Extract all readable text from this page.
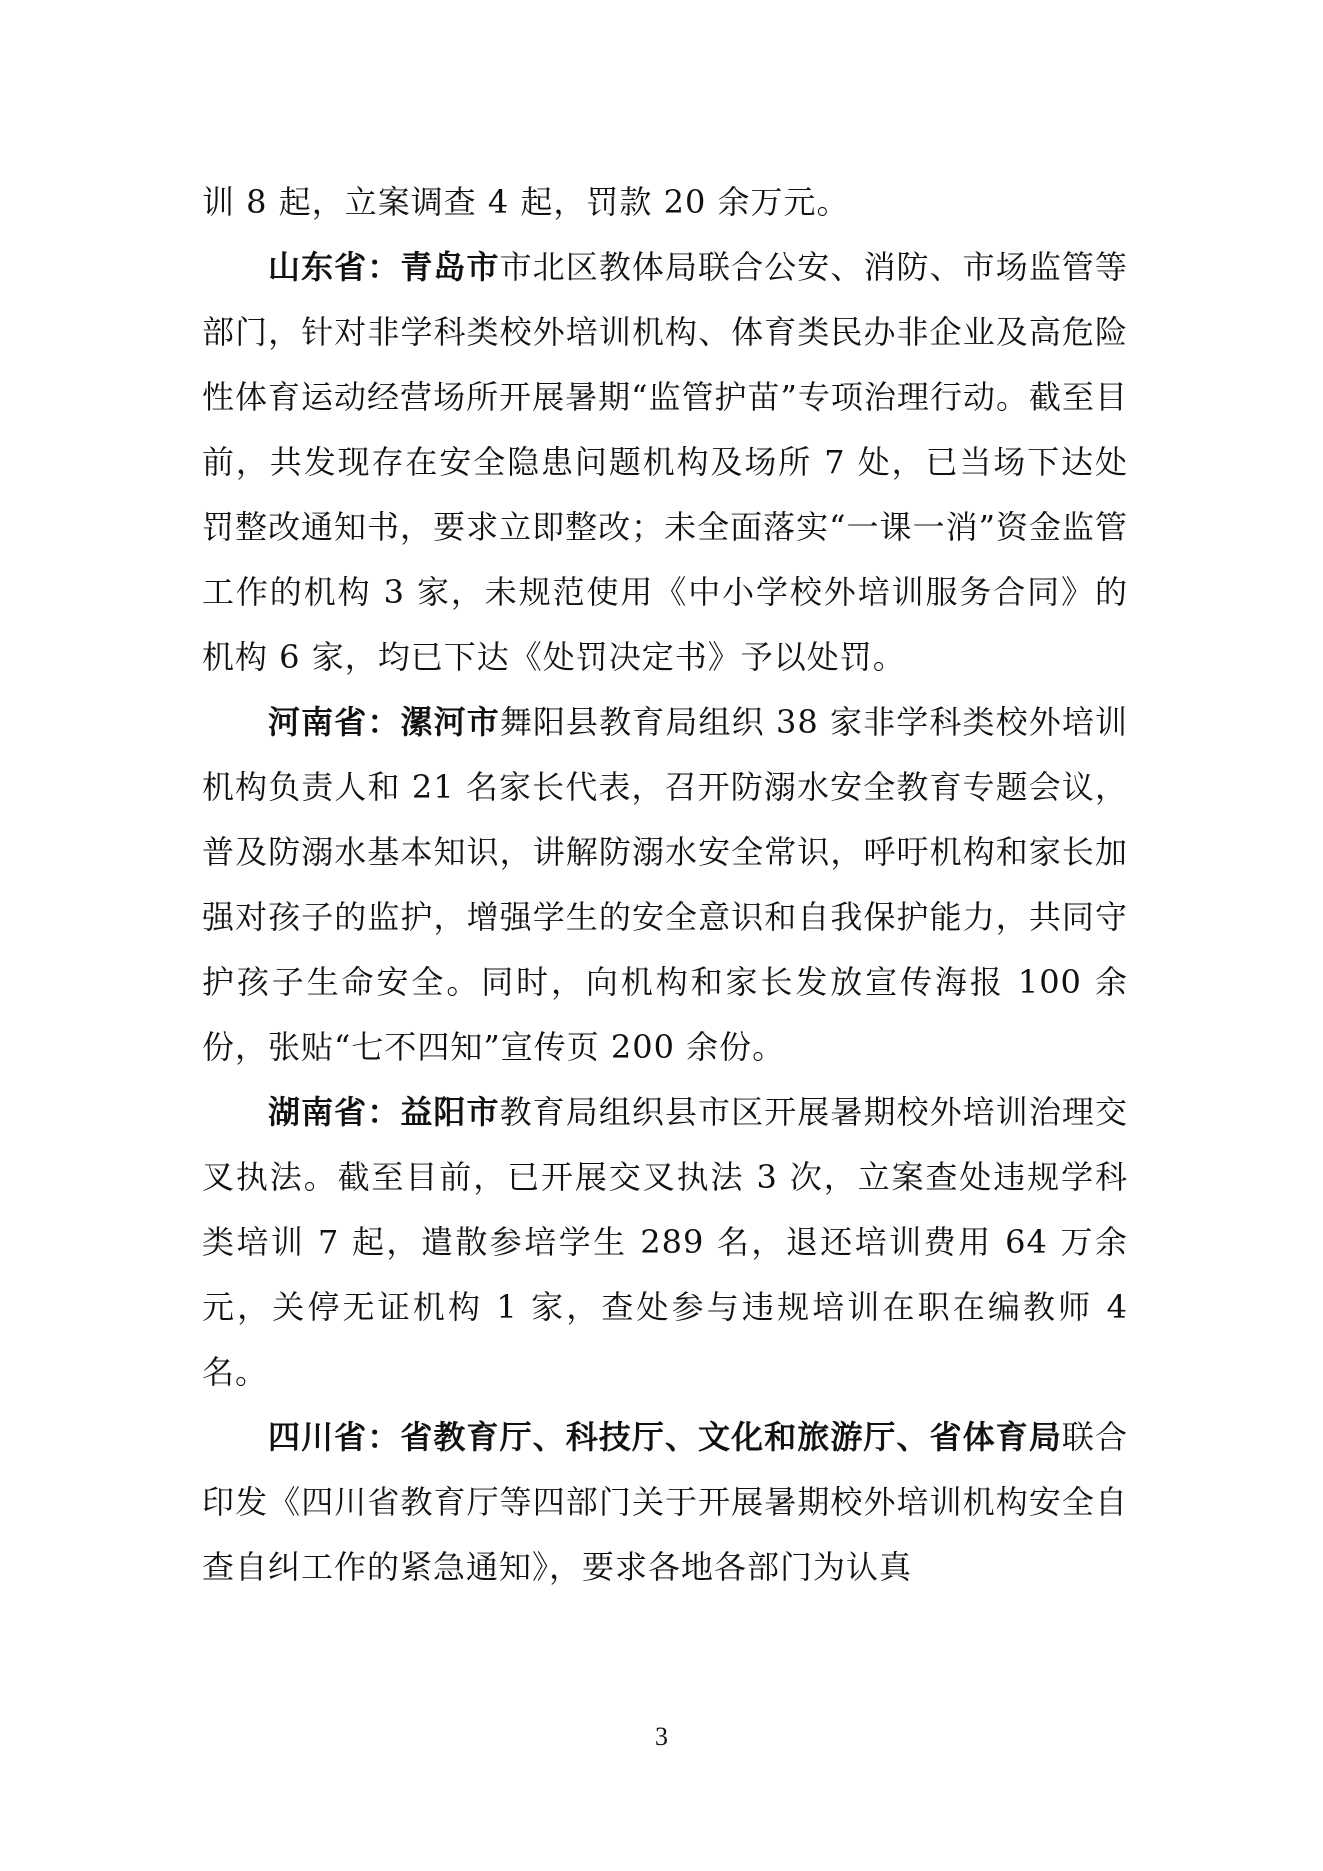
训 8 起，立案调查 4 起，罚款 20 余万元。

山东省：青岛市市北区教体局联合公安、消防、市场监管等部门，针对非学科类校外培训机构、体育类民办非企业及高危险性体育运动经营场所开展暑期“监管护苗”专项治理行动。截至目前，共发现存在安全隐患问题机构及场所 7 处，已当场下达处罚整改通知书，要求立即整改；未全面落实“一课一消”资金监管工作的机构 3 家，未规范使用《中小学校外培训服务合同》的机构 6 家，均已下达《处罚决定书》予以处罚。

河南省：漯河市舞阳县教育局组织 38 家非学科类校外培训机构负责人和 21 名家长代表，召开防溺水安全教育专题会议，普及防溺水基本知识，讲解防溺水安全常识，呼吁机构和家长加强对孩子的监护，增强学生的安全意识和自我保护能力，共同守护孩子生命安全。同时，向机构和家长发放宣传海报 100 余份，张贴“七不四知”宣传页 200 余份。

湖南省：益阳市教育局组织县市区开展暑期校外培训治理交叉执法。截至目前，已开展交叉执法 3 次，立案查处违规学科类培训 7 起，遣散参培学生 289 名，退还培训费用 64 万余元，关停无证机构 1 家，查处参与违规培训在职在编教师 4 名。

四川省：省教育厅、科技厅、文化和旅游厅、省体育局联合印发《四川省教育厅等四部门关于开展暑期校外培训机构安全自查自纠工作的紧急通知》，要求各地各部门为认真

3
